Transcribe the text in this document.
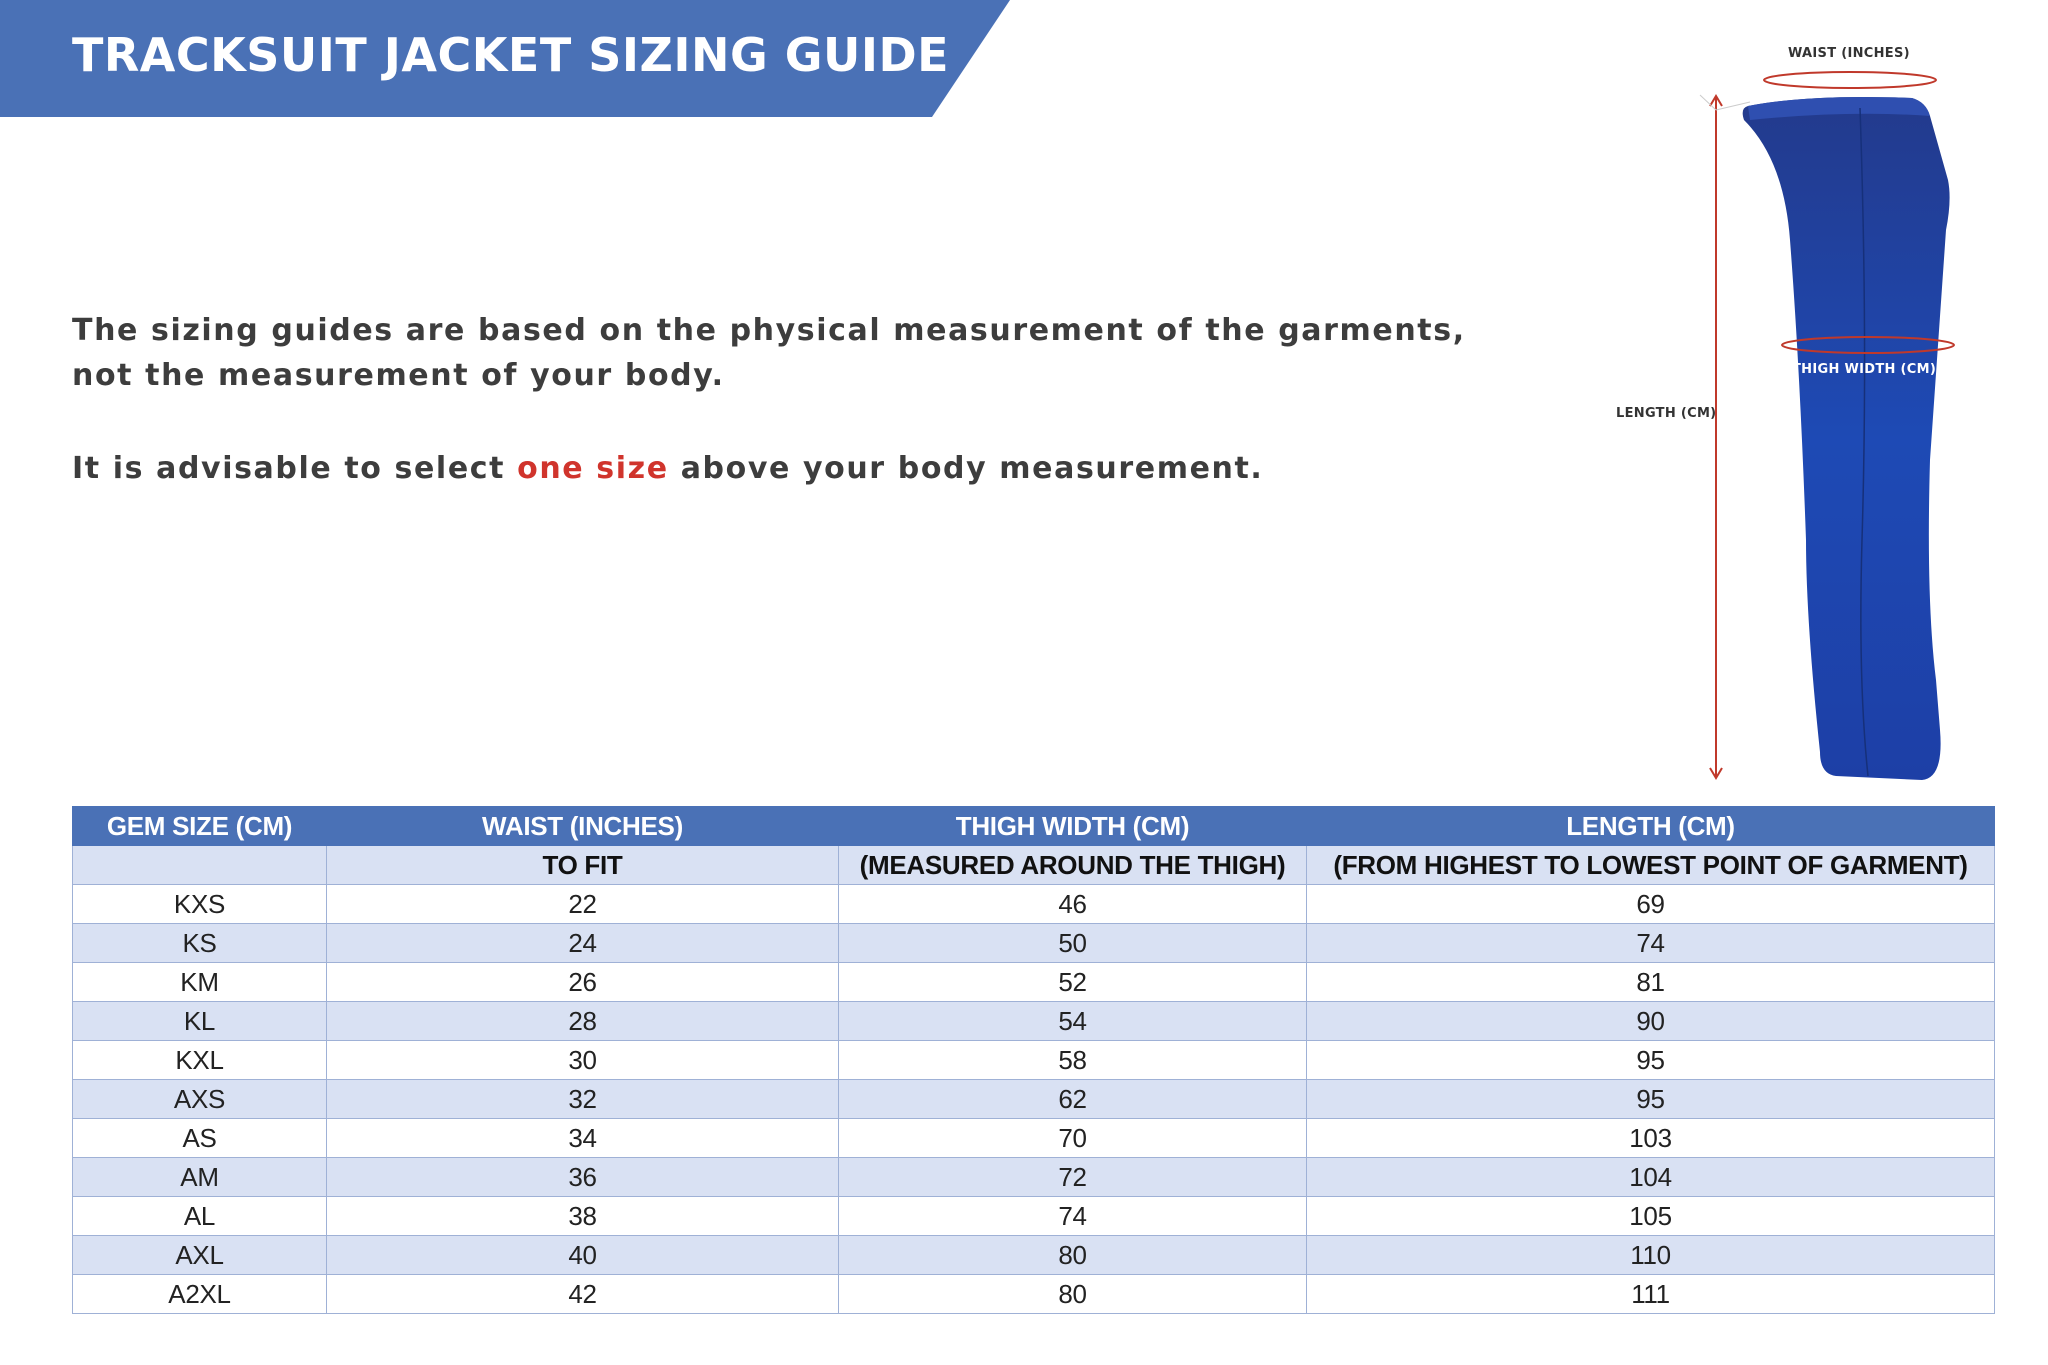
TRACKSUIT JACKET SIZING GUIDE

The sizing guides are based on the physical measurement of the garments, not the measurement of your body.

It is advisable to select one size above your body measurement.

WAIST (INCHES)
THIGH WIDTH (CM)
LENGTH (CM)
GEM SIZE (CM)	WAIST (INCHES)	THIGH WIDTH (CM)	LENGTH (CM)
	TO FIT	(MEASURED AROUND THE THIGH)	(FROM HIGHEST TO LOWEST POINT OF GARMENT)
KXS	22	46	69
KS	24	50	74
KM	26	52	81
KL	28	54	90
KXL	30	58	95
AXS	32	62	95
AS	34	70	103
AM	36	72	104
AL	38	74	105
AXL	40	80	110
A2XL	42	80	111
